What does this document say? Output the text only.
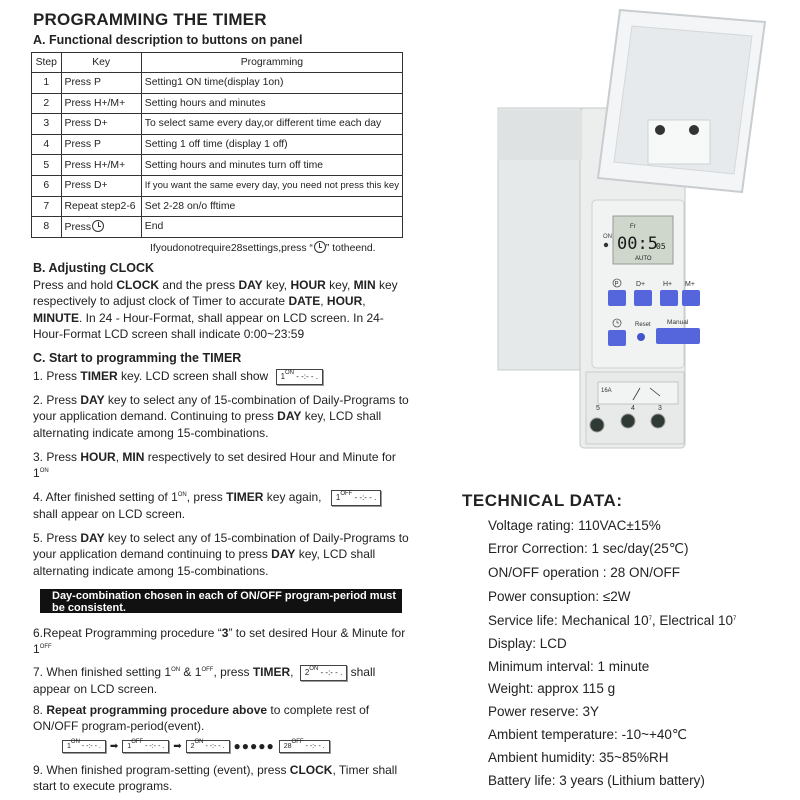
PROGRAMMING THE TIMER
A. Functional description to buttons on panel
Step	Key	Programming
1	Press P	Setting1 ON time(display 1on)
2	Press H+/M+	Setting hours and minutes
3	Press D+	To select same every day,or different time each day
4	Press P	Setting 1 off time (display 1 off)
5	Press H+/M+	Setting hours and minutes turn off time
6	Press D+	If you want the same every day, you need not press this key
7	Repeat step2-6	Set 2-28 on/o fftime
8	Press	End
Ifyoudonotrequire28settings,press “ ” totheend.
B. Adjusting CLOCK
Press and hold CLOCK and the press DAY key, HOUR key, MIN key respectively to adjust clock of Timer to accurate DATE, HOUR, MINUTE. In 24 - Hour-Format, shall appear on LCD screen. In 24-Hour-Format LCD screen shall indicate 0:00~23:59
C. Start to programming the TIMER
1. Press TIMER key. LCD screen shall show $1^{ON}$ - -:- - .
2. Press DAY key to select any of 15-combination of Daily-Programs to your application demand. Continuing to press DAY key, LCD shall alternating indicate among 15-combinations.
3. Press HOUR, MIN respectively to set desired Hour and Minute for $1^{ON}$
4. After finished setting of $1^{ON}$, press TIMER key again, $1^{OFF}$ - -:- - .
shall appear on LCD screen.
5. Press DAY key to select any of 15-combination of Daily-Programs to your application demand continuing to press DAY key, LCD shall alternating indicate among 15-combinations.
Day-combination chosen in each of ON/OFF program-period must be consistent.
6.Repeat Programming procedure “3” to set desired Hour & Minute for $1^{OFF}$
7. When finished setting $1^{ON}$ & $1^{OFF}$, press TIMER, $2^{ON}$ - -:- - . shall appear on LCD screen.
8. Repeat programming procedure above to complete rest of ON/OFF program-period(event).
$1^{ON}$ - -:- - . ➡	$1^{OFF}$ - -:- - . ➡	$2^{ON}$ - -:- - . ●●●●●	$28^{OFF}$ - -:- - .
9. When finished program-setting (event), press CLOCK, Timer shall start to execute programs.
ON
Fr
00:5
05
AUTO
P D+	H+ M+
Reset	Manual
16A
5	4	3
TECHNICAL DATA:
Voltage rating: 110VAC±15%
Error Correction: 1 sec/day(25℃)
ON/OFF operation : 28 ON/OFF
Power consuption: ≤2W
Service life: Mechanical $10^7$, Electrical $10^7$
Display: LCD
Minimum interval: 1 minute
Weight: approx 115 g
Power reserve: 3Y
Ambient temperature: -10~+40℃
Ambient humidity: 35~85%RH
Battery life: 3 years (Lithium battery)
